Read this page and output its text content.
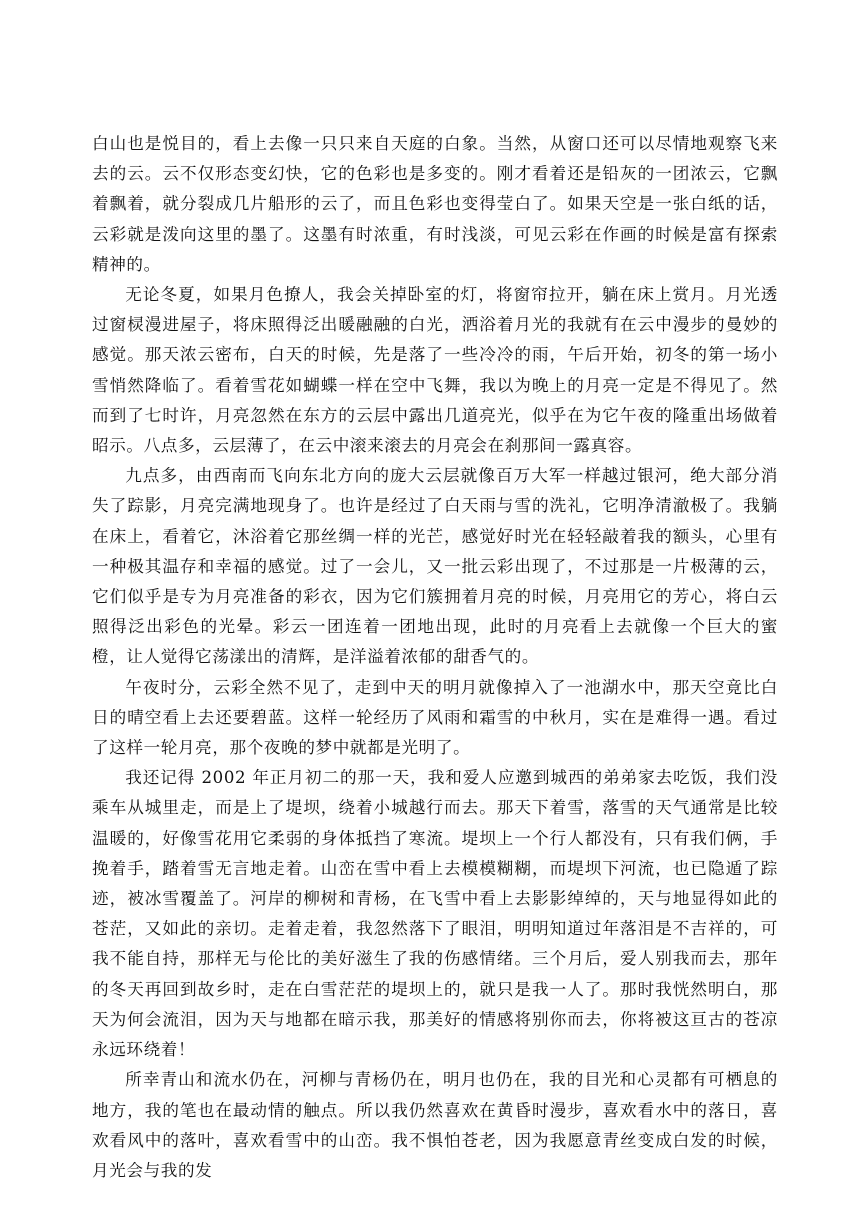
白山也是悦目的，看上去像一只只来自天庭的白象。当然，从窗口还可以尽情地观察飞来去的云。云不仅形态变幻快，它的色彩也是多变的。刚才看着还是铅灰的一团浓云，它飘着飘着，就分裂成几片船形的云了，而且色彩也变得莹白了。如果天空是一张白纸的话，云彩就是泼向这里的墨了。这墨有时浓重，有时浅淡，可见云彩在作画的时候是富有探索精神的。

无论冬夏，如果月色撩人，我会关掉卧室的灯，将窗帘拉开，躺在床上赏月。月光透过窗棂漫进屋子，将床照得泛出暖融融的白光，洒浴着月光的我就有在云中漫步的曼妙的感觉。那天浓云密布，白天的时候，先是落了一些冷冷的雨，午后开始，初冬的第一场小雪悄然降临了。看着雪花如蝴蝶一样在空中飞舞，我以为晚上的月亮一定是不得见了。然而到了七时许，月亮忽然在东方的云层中露出几道亮光，似乎在为它午夜的隆重出场做着昭示。八点多，云层薄了，在云中滚来滚去的月亮会在刹那间一露真容。

九点多，由西南而飞向东北方向的庞大云层就像百万大军一样越过银河，绝大部分消失了踪影，月亮完满地现身了。也许是经过了白天雨与雪的洗礼，它明净清澈极了。我躺在床上，看着它，沐浴着它那丝绸一样的光芒，感觉好时光在轻轻敲着我的额头，心里有一种极其温存和幸福的感觉。过了一会儿，又一批云彩出现了，不过那是一片极薄的云，它们似乎是专为月亮准备的彩衣，因为它们簇拥着月亮的时候，月亮用它的芳心，将白云照得泛出彩色的光晕。彩云一团连着一团地出现，此时的月亮看上去就像一个巨大的蜜橙，让人觉得它荡漾出的清辉，是洋溢着浓郁的甜香气的。

午夜时分，云彩全然不见了，走到中天的明月就像掉入了一池湖水中，那天空竟比白日的晴空看上去还要碧蓝。这样一轮经历了风雨和霜雪的中秋月，实在是难得一遇。看过了这样一轮月亮，那个夜晚的梦中就都是光明了。

我还记得 2002 年正月初二的那一天，我和爱人应邀到城西的弟弟家去吃饭，我们没乘车从城里走，而是上了堤坝，绕着小城越行而去。那天下着雪，落雪的天气通常是比较温暖的，好像雪花用它柔弱的身体抵挡了寒流。堤坝上一个行人都没有，只有我们俩，手挽着手，踏着雪无言地走着。山峦在雪中看上去模模糊糊，而堤坝下河流，也已隐遁了踪迹，被冰雪覆盖了。河岸的柳树和青杨，在飞雪中看上去影影绰绰的，天与地显得如此的苍茫，又如此的亲切。走着走着，我忽然落下了眼泪，明明知道过年落泪是不吉祥的，可我不能自持，那样无与伦比的美好滋生了我的伤感情绪。三个月后，爱人别我而去，那年的冬天再回到故乡时，走在白雪茫茫的堤坝上的，就只是我一人了。那时我恍然明白，那天为何会流泪，因为天与地都在暗示我，那美好的情感将别你而去，你将被这亘古的苍凉永远环绕着！

所幸青山和流水仍在，河柳与青杨仍在，明月也仍在，我的目光和心灵都有可栖息的地方，我的笔也在最动情的触点。所以我仍然喜欢在黄昏时漫步，喜欢看水中的落日，喜欢看风中的落叶，喜欢看雪中的山峦。我不惧怕苍老，因为我愿意青丝变成白发的时候，月光会与我的发
